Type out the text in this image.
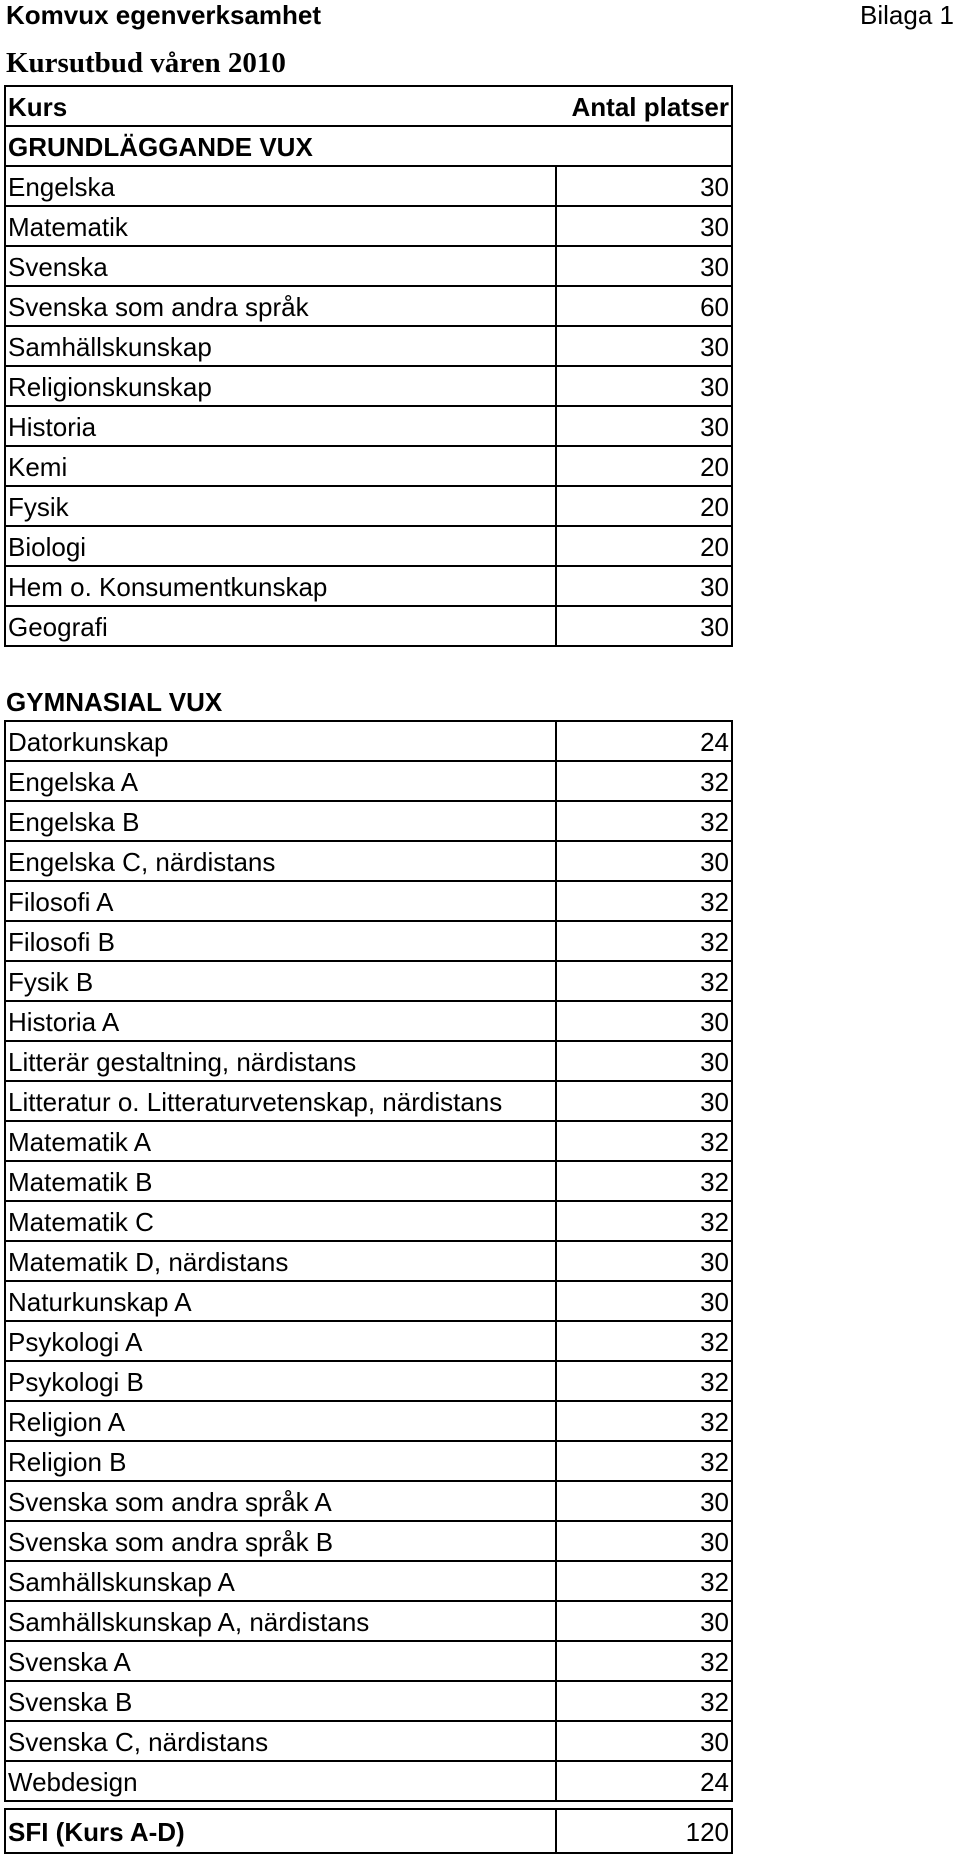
Komvux egenverksamhet	Bilaga 1
Kursutbud våren 2010
Kurs	Antal platser
GRUNDLÄGGANDE VUX
Engelska	30
Matematik	30
Svenska	30
Svenska som andra språk	60
Samhällskunskap	30
Religionskunskap	30
Historia	30
Kemi	20
Fysik	20
Biologi	20
Hem o. Konsumentkunskap	30
Geografi	30
GYMNASIAL VUX
Datorkunskap	24
Engelska A	32
Engelska B	32
Engelska C, närdistans	30
Filosofi A	32
Filosofi B	32
Fysik B	32
Historia A	30
Litterär gestaltning, närdistans	30
Litteratur o. Litteraturvetenskap, närdistans	30
Matematik A	32
Matematik B	32
Matematik C	32
Matematik D, närdistans	30
Naturkunskap A	30
Psykologi A	32
Psykologi B	32
Religion A	32
Religion B	32
Svenska som andra språk A	30
Svenska som andra språk B	30
Samhällskunskap A	32
Samhällskunskap A, närdistans	30
Svenska A	32
Svenska B	32
Svenska C, närdistans	30
Webdesign	24
SFI (Kurs A-D)	120
